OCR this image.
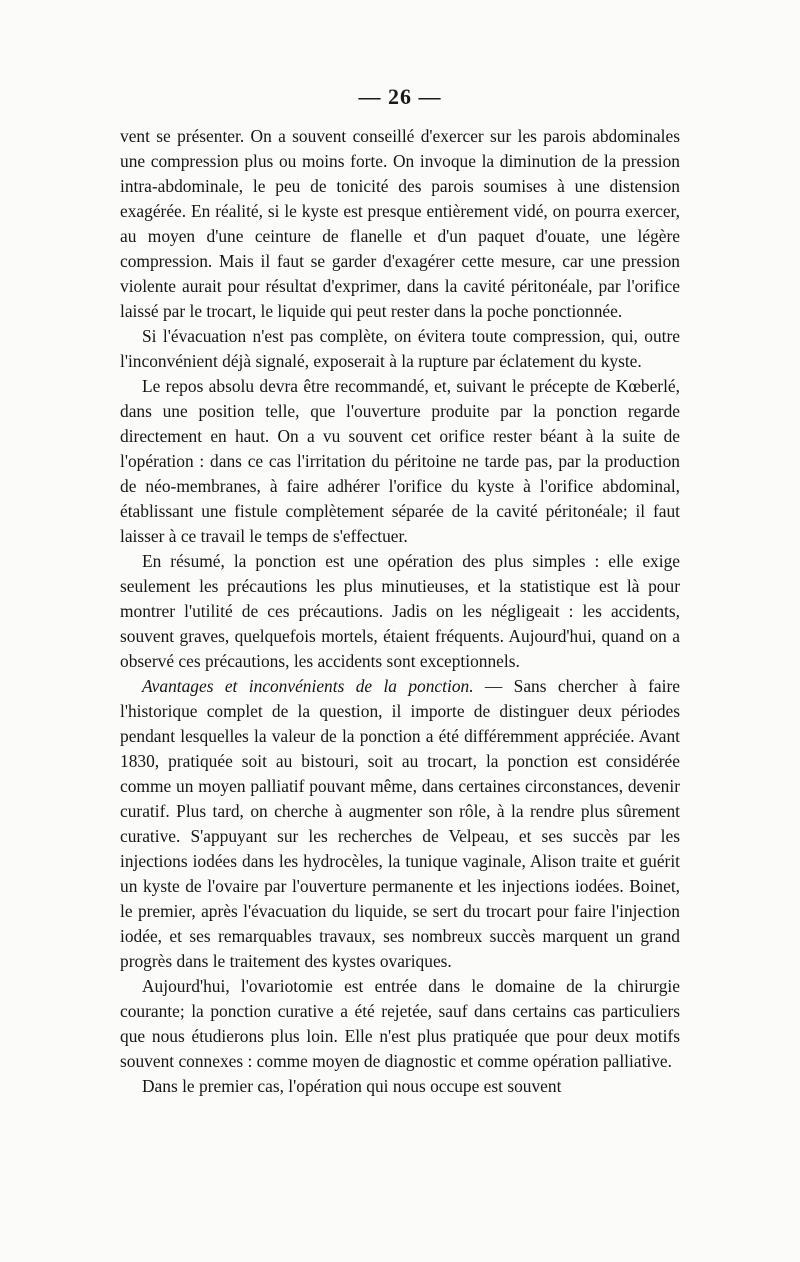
— 26 —

vent se présenter. On a souvent conseillé d'exercer sur les parois abdominales une compression plus ou moins forte. On invoque la diminution de la pression intra-abdominale, le peu de tonicité des parois soumises à une distension exagérée. En réalité, si le kyste est presque entièrement vidé, on pourra exercer, au moyen d'une ceinture de flanelle et d'un paquet d'ouate, une légère compression. Mais il faut se garder d'exagérer cette mesure, car une pression violente aurait pour résultat d'exprimer, dans la cavité péritonéale, par l'orifice laissé par le trocart, le liquide qui peut rester dans la poche ponctionnée.

Si l'évacuation n'est pas complète, on évitera toute compression, qui, outre l'inconvénient déjà signalé, exposerait à la rupture par éclatement du kyste.

Le repos absolu devra être recommandé, et, suivant le précepte de Kœberlé, dans une position telle, que l'ouverture produite par la ponction regarde directement en haut. On a vu souvent cet orifice rester béant à la suite de l'opération : dans ce cas l'irritation du péritoine ne tarde pas, par la production de néo-membranes, à faire adhérer l'orifice du kyste à l'orifice abdominal, établissant une fistule complètement séparée de la cavité péritonéale; il faut laisser à ce travail le temps de s'effectuer.

En résumé, la ponction est une opération des plus simples : elle exige seulement les précautions les plus minutieuses, et la statistique est là pour montrer l'utilité de ces précautions. Jadis on les négligeait : les accidents, souvent graves, quelquefois mortels, étaient fréquents. Aujourd'hui, quand on a observé ces précautions, les accidents sont exceptionnels.

Avantages et inconvénients de la ponction. — Sans chercher à faire l'historique complet de la question, il importe de distinguer deux périodes pendant lesquelles la valeur de la ponction a été différemment appréciée. Avant 1830, pratiquée soit au bistouri, soit au trocart, la ponction est considérée comme un moyen palliatif pouvant même, dans certaines circonstances, devenir curatif. Plus tard, on cherche à augmenter son rôle, à la rendre plus sûrement curative. S'appuyant sur les recherches de Velpeau, et ses succès par les injections iodées dans les hydrocèles, la tunique vaginale, Alison traite et guérit un kyste de l'ovaire par l'ouverture permanente et les injections iodées. Boinet, le premier, après l'évacuation du liquide, se sert du trocart pour faire l'injection iodée, et ses remarquables travaux, ses nombreux succès marquent un grand progrès dans le traitement des kystes ovariques.

Aujourd'hui, l'ovariotomie est entrée dans le domaine de la chirurgie courante; la ponction curative a été rejetée, sauf dans certains cas particuliers que nous étudierons plus loin. Elle n'est plus pratiquée que pour deux motifs souvent connexes : comme moyen de diagnostic et comme opération palliative.

Dans le premier cas, l'opération qui nous occupe est souvent
